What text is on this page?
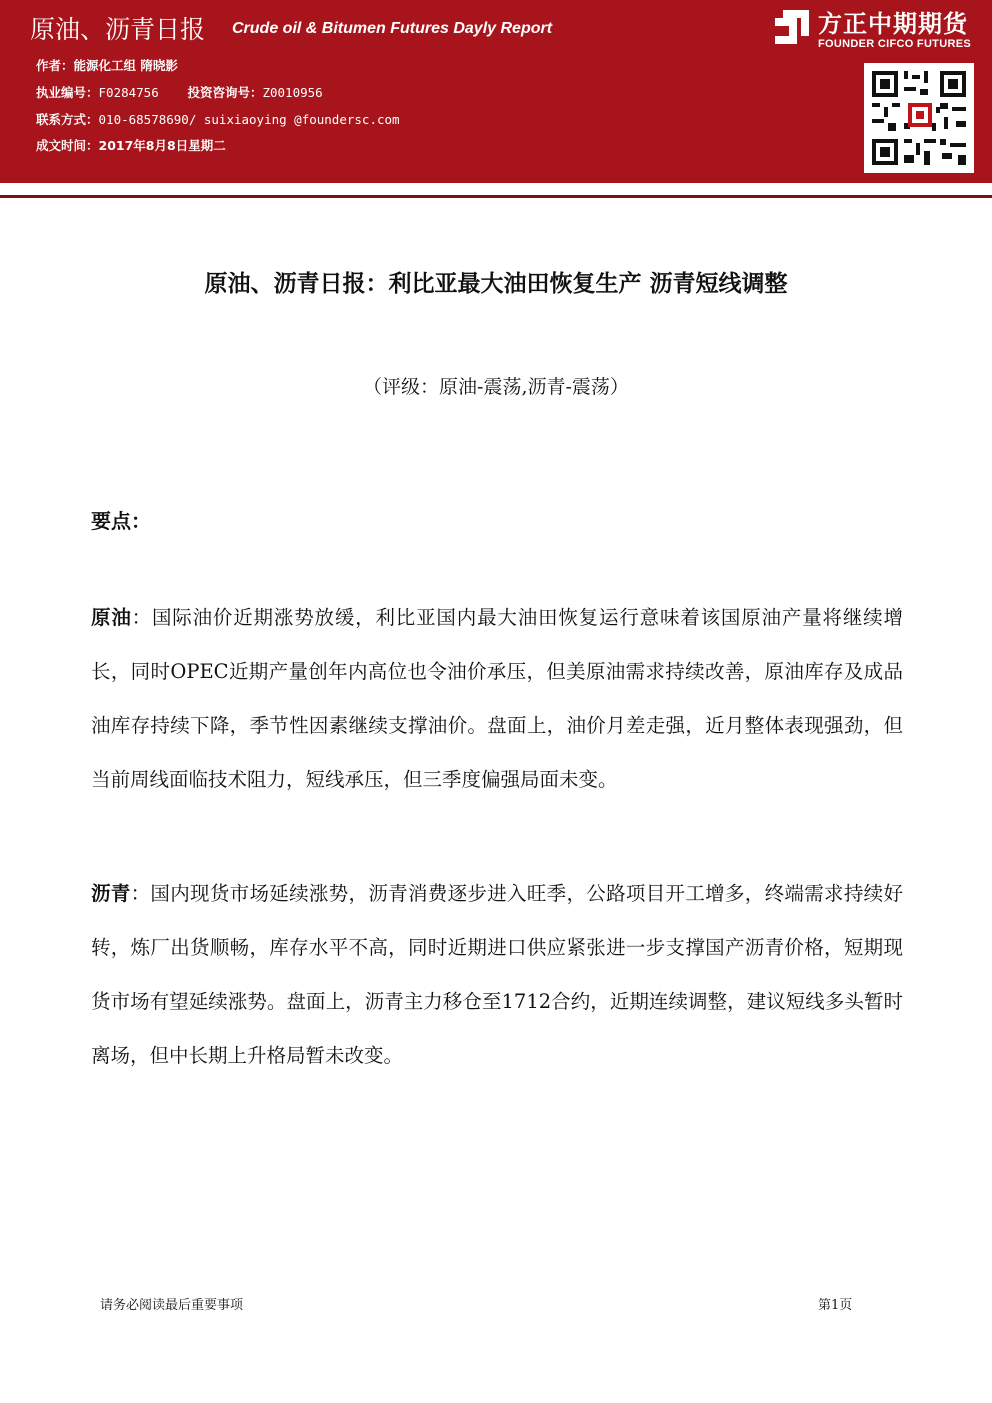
原油、沥青日报 Crude oil & Bitumen Futures Dayly Report
作者：能源化工组 隋晓影
执业编号：F0284756 投资咨询号：Z0010956
联系方式：010-68578690/ suixiaoying @foundersc.com
成文时间：2017年8月8日星期二
方正中期期货
FOUNDER CIFCO FUTURES
原油、沥青日报：利比亚最大油田恢复生产 沥青短线调整
（评级：原油-震荡,沥青-震荡）
要点：
原油：国际油价近期涨势放缓，利比亚国内最大油田恢复运行意味着该国原油产量将继续增长，同时OPEC近期产量创年内高位也令油价承压，但美原油需求持续改善，原油库存及成品油库存持续下降，季节性因素继续支撑油价。盘面上，油价月差走强，近月整体表现强劲，但当前周线面临技术阻力，短线承压，但三季度偏强局面未变。
沥青：国内现货市场延续涨势，沥青消费逐步进入旺季，公路项目开工增多，终端需求持续好转，炼厂出货顺畅，库存水平不高，同时近期进口供应紧张进一步支撑国产沥青价格，短期现货市场有望延续涨势。盘面上，沥青主力移仓至1712合约，近期连续调整，建议短线多头暂时离场，但中长期上升格局暂未改变。
请务必阅读最后重要事项	第1页
